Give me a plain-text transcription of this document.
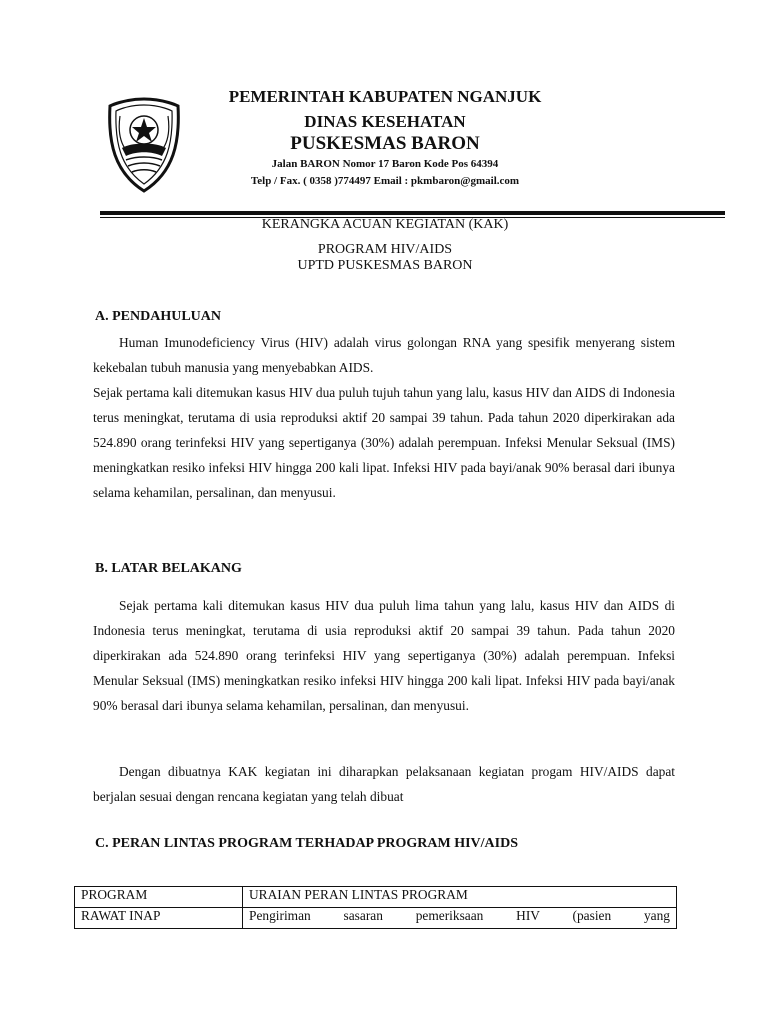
PEMERINTAH KABUPATEN NGANJUK
DINAS KESEHATAN
PUSKESMAS BARON
Jalan BARON Nomor 17 Baron Kode Pos 64394
Telp / Fax. ( 0358 )774497 Email : pkmbaron@gmail.com
KERANGKA ACUAN KEGIATAN (KAK)
PROGRAM HIV/AIDS
UPTD PUSKESMAS BARON
A. PENDAHULUAN

Human Imunodeficiency Virus (HIV) adalah virus golongan RNA yang spesifik menyerang sistem kekebalan tubuh manusia yang menyebabkan AIDS.

Sejak pertama kali ditemukan kasus HIV dua puluh tujuh tahun yang lalu, kasus HIV dan AIDS di Indonesia terus meningkat, terutama di usia reproduksi aktif 20 sampai 39 tahun. Pada tahun 2020 diperkirakan ada 524.890 orang terinfeksi HIV yang sepertiganya (30%) adalah perempuan. Infeksi Menular Seksual (IMS) meningkatkan resiko infeksi HIV hingga 200 kali lipat. Infeksi HIV pada bayi/anak 90% berasal dari ibunya selama kehamilan, persalinan, dan menyusui.

B. LATAR BELAKANG

Sejak pertama kali ditemukan kasus HIV dua puluh lima tahun yang lalu, kasus HIV dan AIDS di Indonesia terus meningkat, terutama di usia reproduksi aktif 20 sampai 39 tahun. Pada tahun 2020 diperkirakan ada 524.890 orang terinfeksi HIV yang sepertiganya (30%) adalah perempuan. Infeksi Menular Seksual (IMS) meningkatkan resiko infeksi HIV hingga 200 kali lipat. Infeksi HIV pada bayi/anak 90% berasal dari ibunya selama kehamilan, persalinan, dan menyusui.

Dengan dibuatnya KAK kegiatan ini diharapkan pelaksanaan kegiatan progam HIV/AIDS dapat berjalan sesuai dengan rencana kegiatan yang telah dibuat

C. PERAN LINTAS PROGRAM TERHADAP PROGRAM HIV/AIDS
PROGRAM	URAIAN PERAN LINTAS PROGRAM
RAWAT INAP	Pengiriman sasaran pemeriksaan HIV (pasien yang
